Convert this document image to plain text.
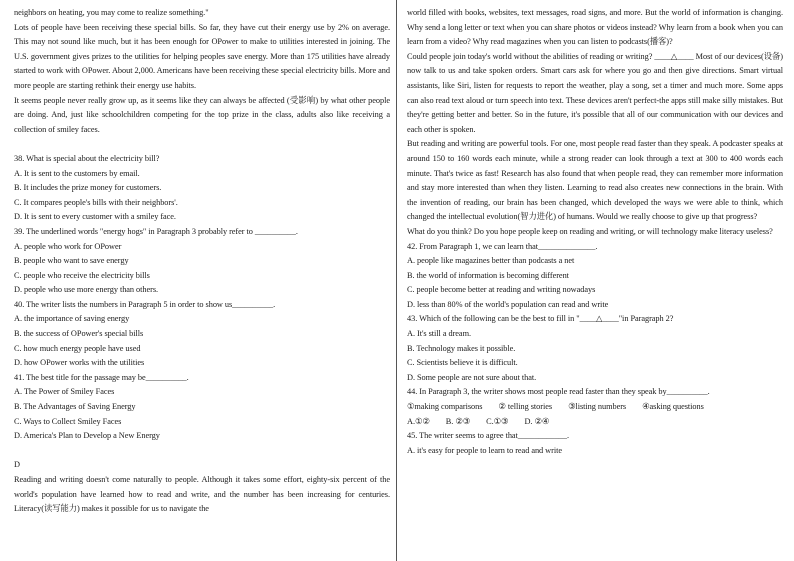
neighbors on heating, you may come to realize something."

Lots of people have been receiving these special bills. So far, they have cut their energy use by 2% on average. This may not sound like much, but it has been enough for OPower to make to utilities interested in joining. The U.S. government gives prizes to the utilities for helping peoples save energy. More than 175 utilities have already started to work with OPower. About 2,000. Americans have been receiving these special electricity bills. More and more people are starting rethink their energy use habits.

It seems people never really grow up, as it seems like they can always be affected (受影响) by what other people are doing. And, just like schoolchildren competing for the top prize in the class, adults also like receiving a collection of smiley faces.

38. What is special about the electricity bill?

A. It is sent to the customers by email.

B. It includes the prize money for customers.

C. It compares people's bills with their neighbors'.

D. It is sent to every customer with a smiley face.

39. The underlined words "energy hogs" in Paragraph 3 probably refer to __________.

A. people who work for OPower

B. people who want to save energy

C. people who receive the electricity bills

D. people who use more energy than others.

40. The writer lists the numbers in Paragraph 5 in order to show us__________.

A. the importance of saving energy

B. the success of OPower's special bills

C. how much energy people have used

D. how OPower works with the utilities

41. The best title for the passage may be__________.

A. The Power of Smiley Faces

B. The Advantages of Saving Energy

C. Ways to Collect Smiley Faces

D. America's Plan to Develop a New Energy

D

Reading and writing doesn't come naturally to people. Although it takes some effort, eighty-six percent of the world's population have learned how to read and write, and the number has been increasing for centuries. Literacy(读写能力) makes it possible for us to navigate the

world filled with books, websites, text messages, road signs, and more. But the world of information is changing. Why send a long letter or text when you can share photos or videos instead? Why learn from a book when you can learn from a video? Why read magazines when you can listen to podcasts(播客)?

Could people join today's world without the abilities of reading or writing? ____△____ Most of our devices(设备) now talk to us and take spoken orders. Smart cars ask for where you go and then give directions. Smart virtual assistants, like Siri, listen for requests to report the weather, play a song, set a timer and much more. Some apps can also read text aloud or turn speech into text. These devices aren't perfect-the apps still make silly mistakes. But they're getting better and better. So in the future, it's possible that all of our communication with our devices and each other is spoken.

But reading and writing are powerful tools. For one, most people read faster than they speak. A podcaster speaks at around 150 to 160 words each minute, while a strong reader can look through a text at 300 to 400 words each minute. That's twice as fast! Research has also found that when people read, they can remember more information and stay more interested than when they listen. Learning to read also creates new connections in the brain. With the invention of reading, our brain has been changed, which developed the ways we were able to think, which changed the intellectual evolution(智力进化) of humans. Would we really choose to give up that progress?

What do you think? Do you hope people keep on reading and writing, or will technology make literacy useless?

42. From Paragraph 1, we can learn that______________.

A. people like magazines better than podcasts a net

B. the world of information is becoming different

C. people become better at reading and writing nowadays

D. less than 80% of the world's population can read and write

43. Which of the following can be the best to fill in "____△____"in Paragraph 2?

A. It's still a dream.

B. Technology makes it possible.

C. Scientists believe it is difficult.

D. Some people are not sure about that.

44. In Paragraph 3, the writer shows most people read faster than they speak by__________.

①making comparisons ② telling stories ③listing numbers ④asking questions

A.①② B. ②③ C.①③ D. ②④

45. The writer seems to agree that____________.

A. it's easy for people to learn to read and write
